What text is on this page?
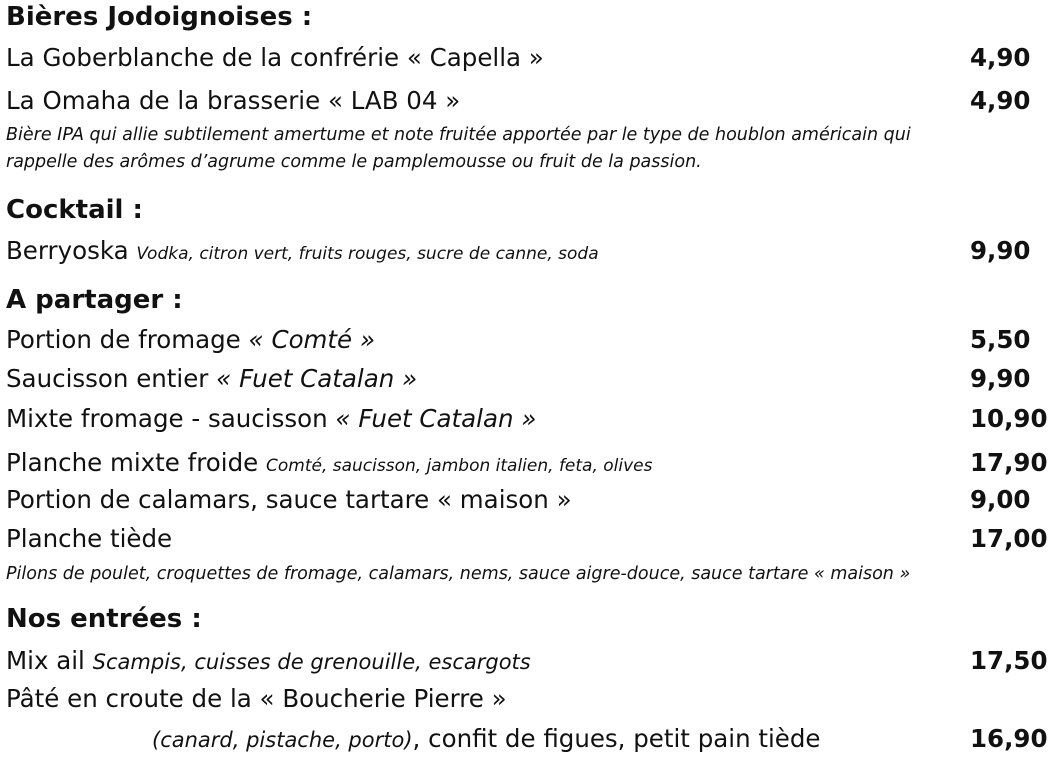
Bières Jodoignoises :
La Goberblanche de la confrérie « Capella »	4,90
La Omaha de la brasserie « LAB 04 »	4,90
Bière IPA qui allie subtilement amertume et note fruitée apportée par le type de houblon américain qui
rappelle des arômes d’agrume comme le pamplemousse ou fruit de la passion.
Cocktail :
Berryoska Vodka, citron vert, fruits rouges, sucre de canne, soda	9,90
A partager :
Portion de fromage « Comté »	5,50
Saucisson entier « Fuet Catalan »	9,90
Mixte fromage - saucisson « Fuet Catalan »	10,90
Planche mixte froide Comté, saucisson, jambon italien, feta, olives	17,90
Portion de calamars, sauce tartare « maison »	9,00
Planche tiède	17,00
Pilons de poulet, croquettes de fromage, calamars, nems, sauce aigre-douce, sauce tartare « maison »
Nos entrées :
Mix ail Scampis, cuisses de grenouille, escargots	17,50
Pâté en croute de la « Boucherie Pierre »
(canard, pistache, porto), confit de figues, petit pain tiède	16,90
